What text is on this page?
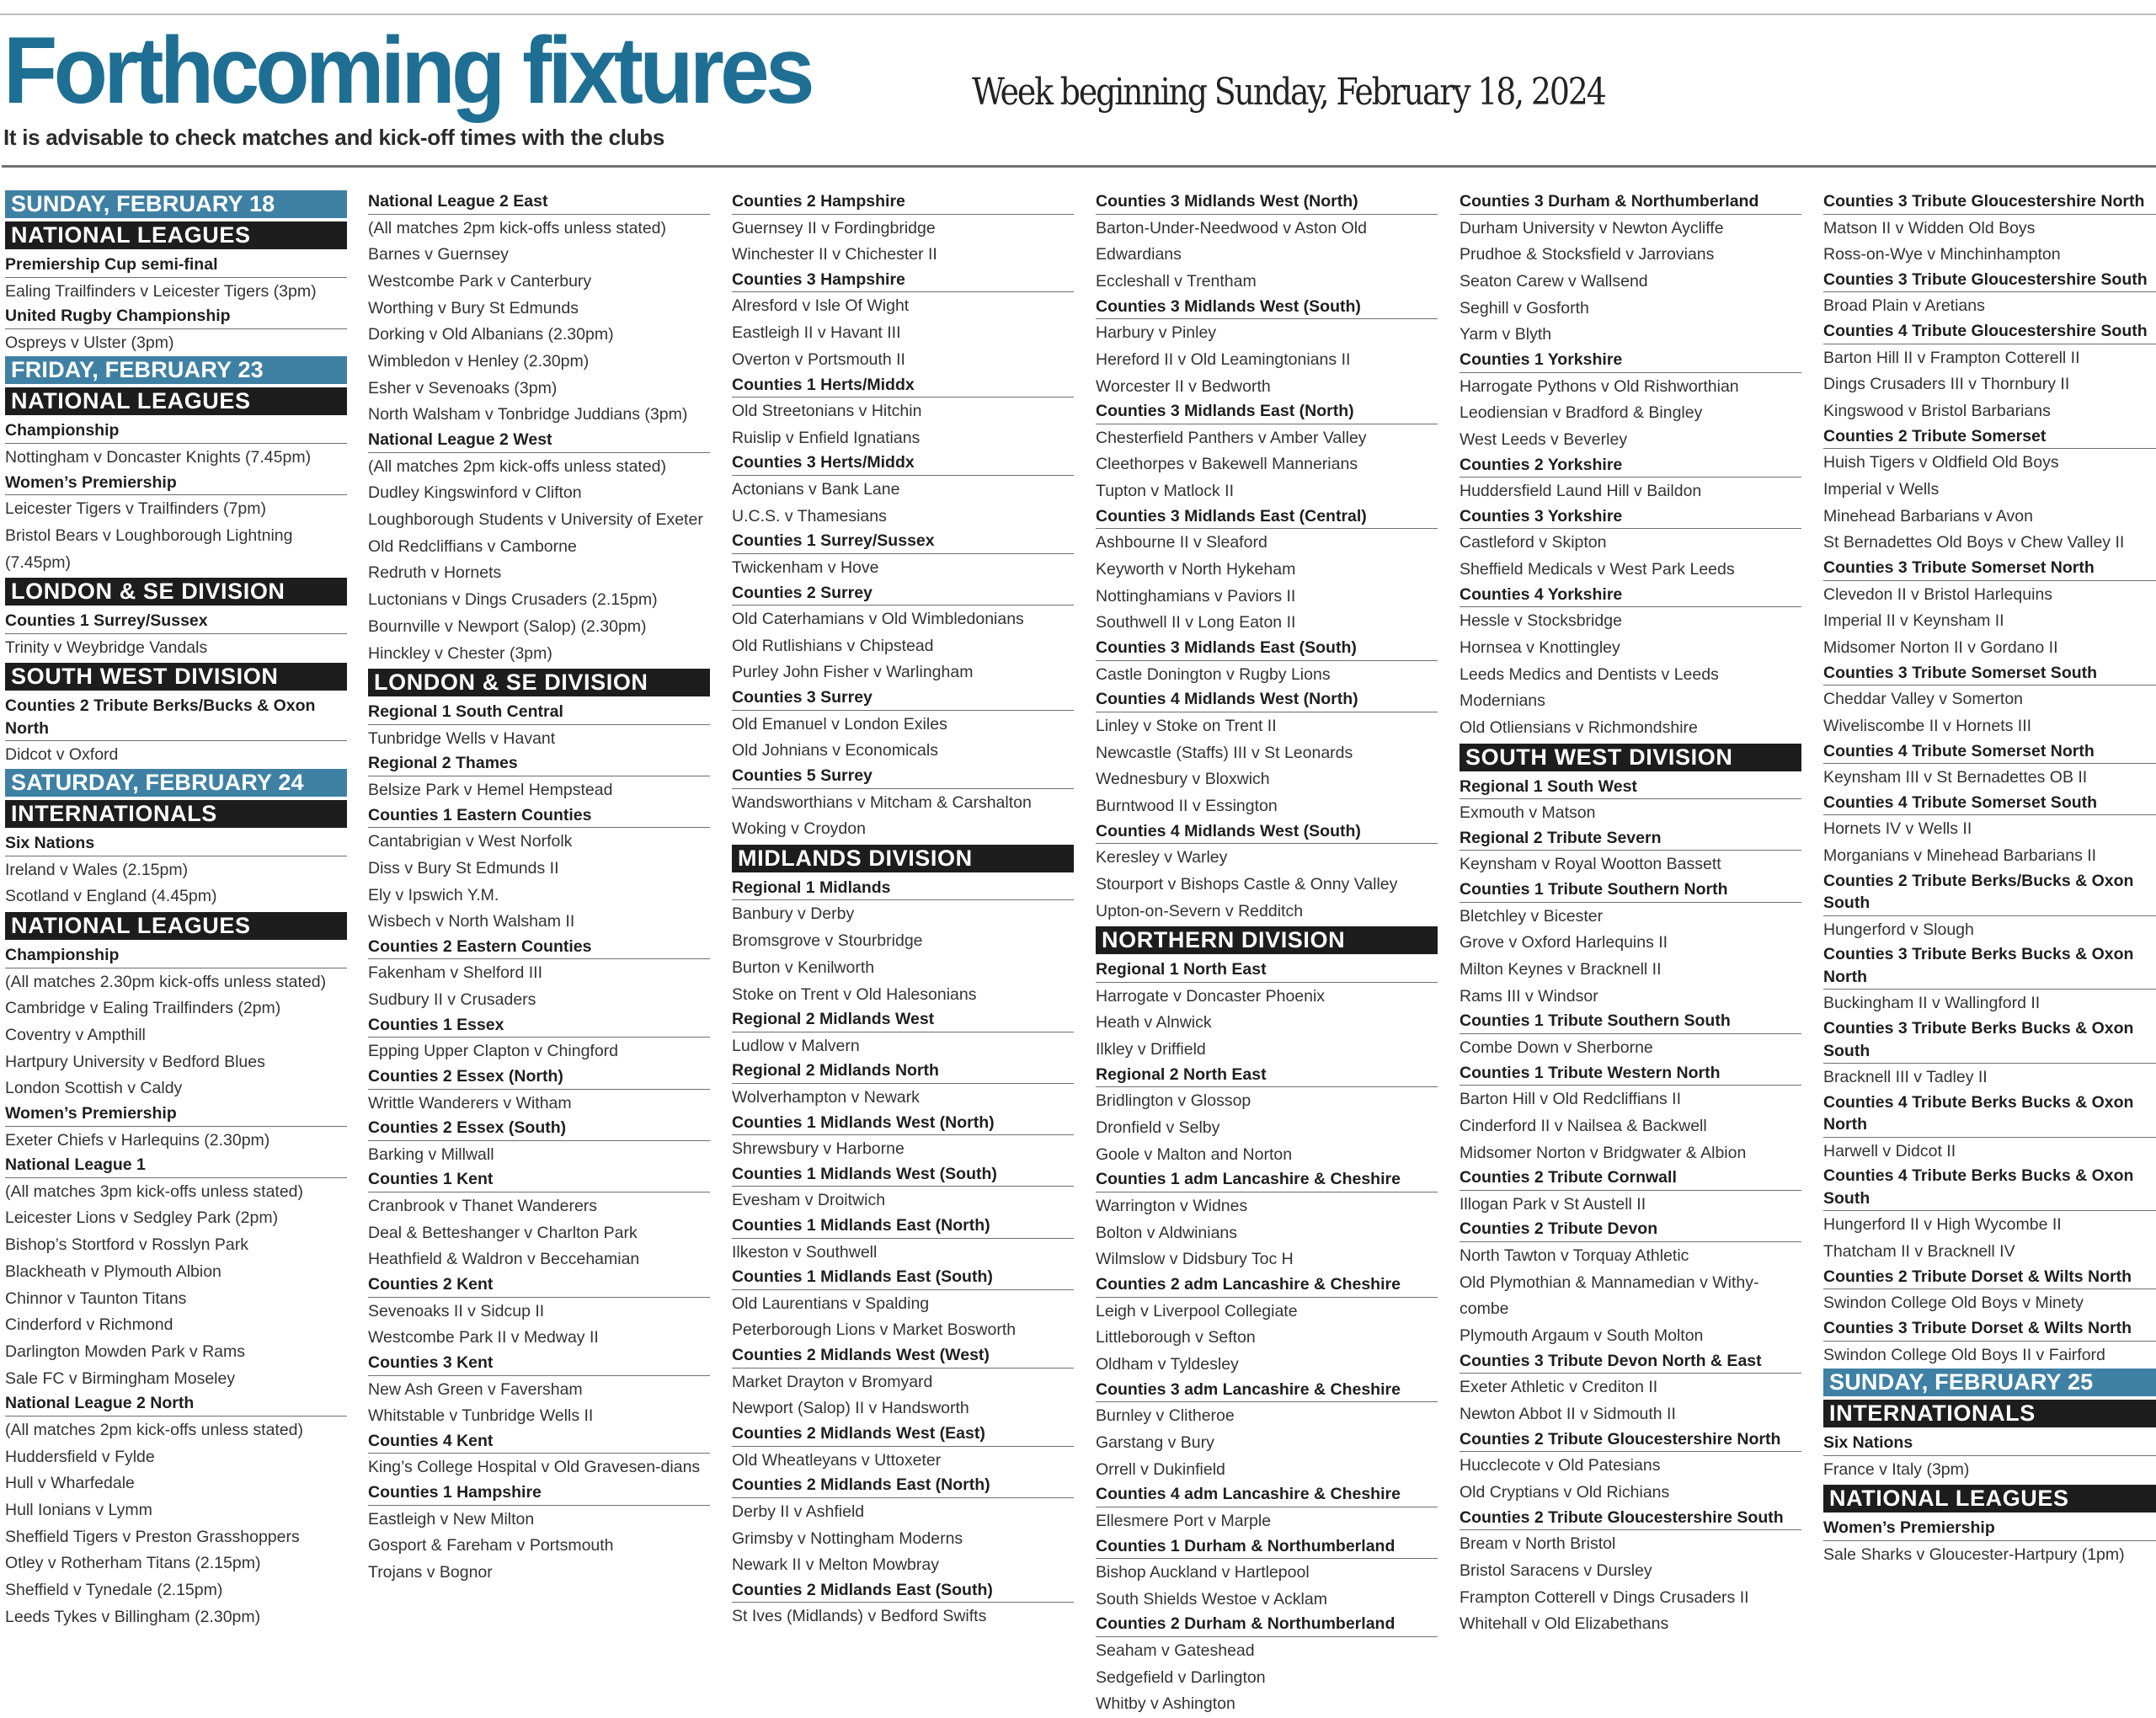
Forthcoming fixtures	Week beginning Sunday, February 18, 2024
It is advisable to check matches and kick-off times with the clubs
SUNDAY, FEBRUARY 18
NATIONAL LEAGUES
Premiership Cup semi-final
Ealing Trailfinders v Leicester Tigers (3pm)
United Rugby Championship
Ospreys v Ulster (3pm)
FRIDAY, FEBRUARY 23
NATIONAL LEAGUES
Championship
Nottingham v Doncaster Knights (7.45pm)
Women’s Premiership
Leicester Tigers v Trailfinders (7pm)
Bristol Bears v Loughborough Lightning (7.45pm)
LONDON & SE DIVISION
Counties 1 Surrey/Sussex
Trinity v Weybridge Vandals
SOUTH WEST DIVISION
Counties 2 Tribute Berks/Bucks & Oxon North
Didcot v Oxford
SATURDAY, FEBRUARY 24
INTERNATIONALS
Six Nations
Ireland v Wales (2.15pm)
Scotland v England (4.45pm)
NATIONAL LEAGUES
Championship
(All matches 2.30pm kick-offs unless stated)
Cambridge v Ealing Trailfinders (2pm)
Coventry v Ampthill
Hartpury University v Bedford Blues
London Scottish v Caldy
Women’s Premiership
Exeter Chiefs v Harlequins (2.30pm)
National League 1
(All matches 3pm kick-offs unless stated)
Leicester Lions v Sedgley Park (2pm)
Bishop’s Stortford v Rosslyn Park
Blackheath v Plymouth Albion
Chinnor v Taunton Titans
Cinderford v Richmond
Darlington Mowden Park v Rams
Sale FC v Birmingham Moseley
National League 2 North
(All matches 2pm kick-offs unless stated)
Huddersfield v Fylde
Hull v Wharfedale
Hull Ionians v Lymm
Sheffield Tigers v Preston Grasshoppers
Otley v Rotherham Titans (2.15pm)
Sheffield v Tynedale (2.15pm)
Leeds Tykes v Billingham (2.30pm)
National League 2 East
(All matches 2pm kick-offs unless stated)
Barnes v Guernsey
Westcombe Park v Canterbury
Worthing v Bury St Edmunds
Dorking v Old Albanians (2.30pm)
Wimbledon v Henley (2.30pm)
Esher v Sevenoaks (3pm)
North Walsham v Tonbridge Juddians (3pm)
National League 2 West
(All matches 2pm kick-offs unless stated)
Dudley Kingswinford v Clifton
Loughborough Students v University of Exeter
Old Redcliffians v Camborne
Redruth v Hornets
Luctonians v Dings Crusaders (2.15pm)
Bournville v Newport (Salop) (2.30pm)
Hinckley v Chester (3pm)
LONDON & SE DIVISION
Regional 1 South Central
Tunbridge Wells v Havant
Regional 2 Thames
Belsize Park v Hemel Hempstead
Counties 1 Eastern Counties
Cantabrigian v West Norfolk
Diss v Bury St Edmunds II
Ely v Ipswich Y.M.
Wisbech v North Walsham II
Counties 2 Eastern Counties
Fakenham v Shelford III
Sudbury II v Crusaders
Counties 1 Essex
Epping Upper Clapton v Chingford
Counties 2 Essex (North)
Writtle Wanderers v Witham
Counties 2 Essex (South)
Barking v Millwall
Counties 1 Kent
Cranbrook v Thanet Wanderers
Deal & Betteshanger v Charlton Park
Heathfield & Waldron v Beccehamian
Counties 2 Kent
Sevenoaks II v Sidcup II
Westcombe Park II v Medway II
Counties 3 Kent
New Ash Green v Faversham
Whitstable v Tunbridge Wells II
Counties 4 Kent
King’s College Hospital v Old Gravesen-dians
Counties 1 Hampshire
Eastleigh v New Milton
Gosport & Fareham v Portsmouth
Trojans v Bognor
Counties 2 Hampshire
Guernsey II v Fordingbridge
Winchester II v Chichester II
Counties 3 Hampshire
Alresford v Isle Of Wight
Eastleigh II v Havant III
Overton v Portsmouth II
Counties 1 Herts/Middx
Old Streetonians v Hitchin
Ruislip v Enfield Ignatians
Counties 3 Herts/Middx
Actonians v Bank Lane
U.C.S. v Thamesians
Counties 1 Surrey/Sussex
Twickenham v Hove
Counties 2 Surrey
Old Caterhamians v Old Wimbledonians
Old Rutlishians v Chipstead
Purley John Fisher v Warlingham
Counties 3 Surrey
Old Emanuel v London Exiles
Old Johnians v Economicals
Counties 5 Surrey
Wandsworthians v Mitcham & Carshalton
Woking v Croydon
MIDLANDS DIVISION
Regional 1 Midlands
Banbury v Derby
Bromsgrove v Stourbridge
Burton v Kenilworth
Stoke on Trent v Old Halesonians
Regional 2 Midlands West
Ludlow v Malvern
Regional 2 Midlands North
Wolverhampton v Newark
Counties 1 Midlands West (North)
Shrewsbury v Harborne
Counties 1 Midlands West (South)
Evesham v Droitwich
Counties 1 Midlands East (North)
Ilkeston v Southwell
Counties 1 Midlands East (South)
Old Laurentians v Spalding
Peterborough Lions v Market Bosworth
Counties 2 Midlands West (West)
Market Drayton v Bromyard
Newport (Salop) II v Handsworth
Counties 2 Midlands West (East)
Old Wheatleyans v Uttoxeter
Counties 2 Midlands East (North)
Derby II v Ashfield
Grimsby v Nottingham Moderns
Newark II v Melton Mowbray
Counties 2 Midlands East (South)
St Ives (Midlands) v Bedford Swifts
Counties 3 Midlands West (North)
Barton-Under-Needwood v Aston Old Edwardians
Eccleshall v Trentham
Counties 3 Midlands West (South)
Harbury v Pinley
Hereford II v Old Leamingtonians II
Worcester II v Bedworth
Counties 3 Midlands East (North)
Chesterfield Panthers v Amber Valley
Cleethorpes v Bakewell Mannerians
Tupton v Matlock II
Counties 3 Midlands East (Central)
Ashbourne II v Sleaford
Keyworth v North Hykeham
Nottinghamians v Paviors II
Southwell II v Long Eaton II
Counties 3 Midlands East (South)
Castle Donington v Rugby Lions
Counties 4 Midlands West (North)
Linley v Stoke on Trent II
Newcastle (Staffs) III v St Leonards
Wednesbury v Bloxwich
Burntwood II v Essington
Counties 4 Midlands West (South)
Keresley v Warley
Stourport v Bishops Castle & Onny Valley
Upton-on-Severn v Redditch
NORTHERN DIVISION
Regional 1 North East
Harrogate v Doncaster Phoenix
Heath v Alnwick
Ilkley v Driffield
Regional 2 North East
Bridlington v Glossop
Dronfield v Selby
Goole v Malton and Norton
Counties 1 adm Lancashire & Cheshire
Warrington v Widnes
Bolton v Aldwinians
Wilmslow v Didsbury Toc H
Counties 2 adm Lancashire & Cheshire
Leigh v Liverpool Collegiate
Littleborough v Sefton
Oldham v Tyldesley
Counties 3 adm Lancashire & Cheshire
Burnley v Clitheroe
Garstang v Bury
Orrell v Dukinfield
Counties 4 adm Lancashire & Cheshire
Ellesmere Port v Marple
Counties 1 Durham & Northumberland
Bishop Auckland v Hartlepool
South Shields Westoe v Acklam
Counties 2 Durham & Northumberland
Seaham v Gateshead
Sedgefield v Darlington
Whitby v Ashington
Counties 3 Durham & Northumberland
Durham University v Newton Aycliffe
Prudhoe & Stocksfield v Jarrovians
Seaton Carew v Wallsend
Seghill v Gosforth
Yarm v Blyth
Counties 1 Yorkshire
Harrogate Pythons v Old Rishworthian
Leodiensian v Bradford & Bingley
West Leeds v Beverley
Counties 2 Yorkshire
Huddersfield Laund Hill v Baildon
Counties 3 Yorkshire
Castleford v Skipton
Sheffield Medicals v West Park Leeds
Counties 4 Yorkshire
Hessle v Stocksbridge
Hornsea v Knottingley
Leeds Medics and Dentists v Leeds Modernians
Old Otliensians v Richmondshire
SOUTH WEST DIVISION
Regional 1 South West
Exmouth v Matson
Regional 2 Tribute Severn
Keynsham v Royal Wootton Bassett
Counties 1 Tribute Southern North
Bletchley v Bicester
Grove v Oxford Harlequins II
Milton Keynes v Bracknell II
Rams III v Windsor
Counties 1 Tribute Southern South
Combe Down v Sherborne
Counties 1 Tribute Western North
Barton Hill v Old Redcliffians II
Cinderford II v Nailsea & Backwell
Midsomer Norton v Bridgwater & Albion
Counties 2 Tribute Cornwall
Illogan Park v St Austell II
Counties 2 Tribute Devon
North Tawton v Torquay Athletic
Old Plymothian & Mannamedian v Withy-combe
Plymouth Argaum v South Molton
Counties 3 Tribute Devon North & East
Exeter Athletic v Crediton II
Newton Abbot II v Sidmouth II
Counties 2 Tribute Gloucestershire North
Hucclecote v Old Patesians
Old Cryptians v Old Richians
Counties 2 Tribute Gloucestershire South
Bream v North Bristol
Bristol Saracens v Dursley
Frampton Cotterell v Dings Crusaders II
Whitehall v Old Elizabethans
Counties 3 Tribute Gloucestershire North
Matson II v Widden Old Boys
Ross-on-Wye v Minchinhampton
Counties 3 Tribute Gloucestershire South
Broad Plain v Aretians
Counties 4 Tribute Gloucestershire South
Barton Hill II v Frampton Cotterell II
Dings Crusaders III v Thornbury II
Kingswood v Bristol Barbarians
Counties 2 Tribute Somerset
Huish Tigers v Oldfield Old Boys
Imperial v Wells
Minehead Barbarians v Avon
St Bernadettes Old Boys v Chew Valley II
Counties 3 Tribute Somerset North
Clevedon II v Bristol Harlequins
Imperial II v Keynsham II
Midsomer Norton II v Gordano II
Counties 3 Tribute Somerset South
Cheddar Valley v Somerton
Wiveliscombe II v Hornets III
Counties 4 Tribute Somerset North
Keynsham III v St Bernadettes OB II
Counties 4 Tribute Somerset South
Hornets IV v Wells II
Morganians v Minehead Barbarians II
Counties 2 Tribute Berks/Bucks & Oxon South
Hungerford v Slough
Counties 3 Tribute Berks Bucks & Oxon North
Buckingham II v Wallingford II
Counties 3 Tribute Berks Bucks & Oxon South
Bracknell III v Tadley II
Counties 4 Tribute Berks Bucks & Oxon North
Harwell v Didcot II
Counties 4 Tribute Berks Bucks & Oxon South
Hungerford II v High Wycombe II
Thatcham II v Bracknell IV
Counties 2 Tribute Dorset & Wilts North
Swindon College Old Boys v Minety
Counties 3 Tribute Dorset & Wilts North
Swindon College Old Boys II v Fairford
SUNDAY, FEBRUARY 25
INTERNATIONALS
Six Nations
France v Italy (3pm)
NATIONAL LEAGUES
Women’s Premiership
Sale Sharks v Gloucester-Hartpury (1pm)
